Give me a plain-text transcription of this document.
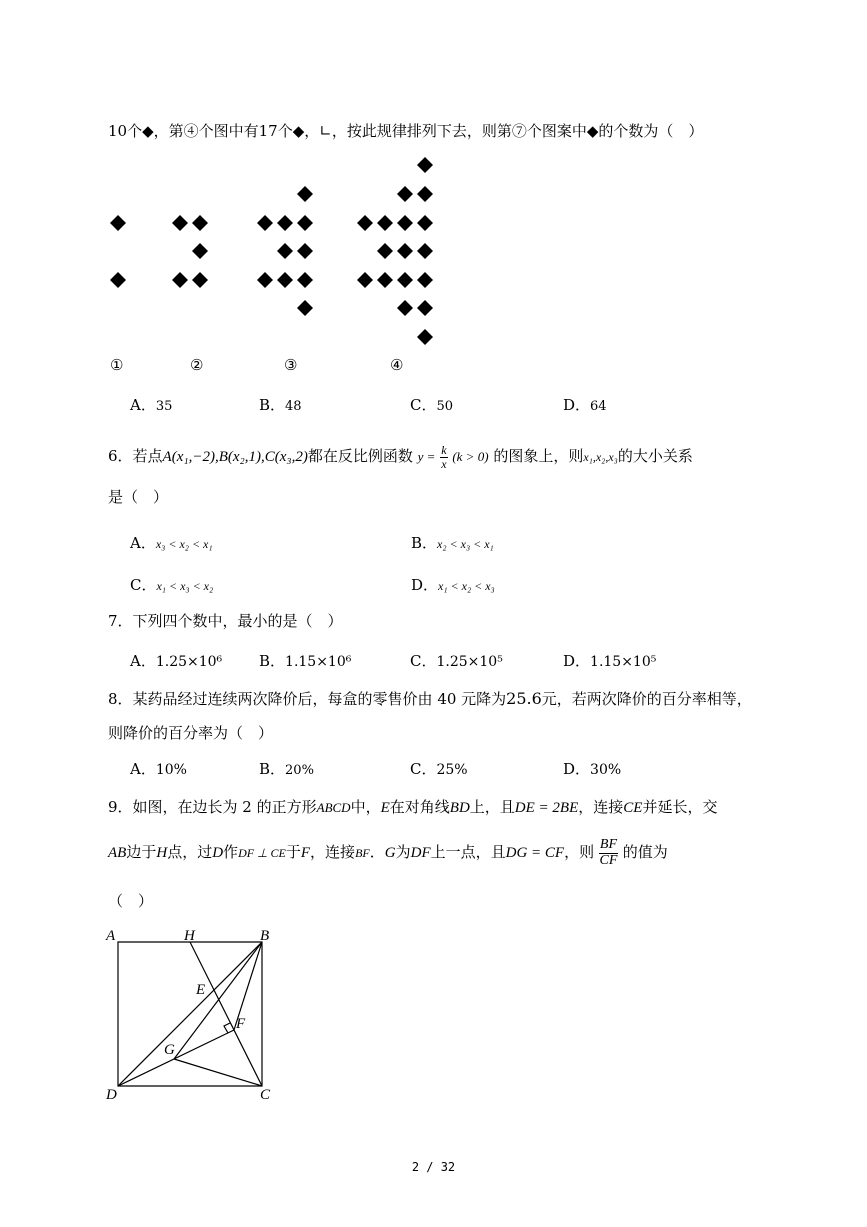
10个◆，第④个图中有17个◆，∟，按此规律排列下去，则第⑦个图案中◆的个数为（　）
①	②	③	④
A．35	B．48	C．50	D．64
6．若点A(x₁,−2),B(x₂,1),C(x₃,2)都在反比例函数 $y = \frac{k}{x} (k > 0)$ 的图象上，则x₁,x₂,x₃的大小关系
是（　）
A．x₃ < x₂ < x₁	B．x₂ < x₃ < x₁
C．x₁ < x₃ < x₂	D．x₁ < x₂ < x₃
7．下列四个数中，最小的是（　）
A．1.25×10⁶ B．1.15×10⁶	C．1.25×10⁵	D．1.15×10⁵
8．某药品经过连续两次降价后，每盒的零售价由 40 元降为25.6元，若两次降价的百分率相等，
则降价的百分率为（　）
A．10%	B．20%	C．25%	D．30%
9．如图，在边长为 2 的正方形ABCD中，E在对角线BD上，且DE = 2BE，连接CE并延长，交
AB边于H点，过D作DF ⊥ CE于F，连接BF．G为DF上一点，且DG = CF，则 $\frac{BF}{CF}$ 的值为
（　）
A	H	B
E
F
G
D	C
2 / 32
